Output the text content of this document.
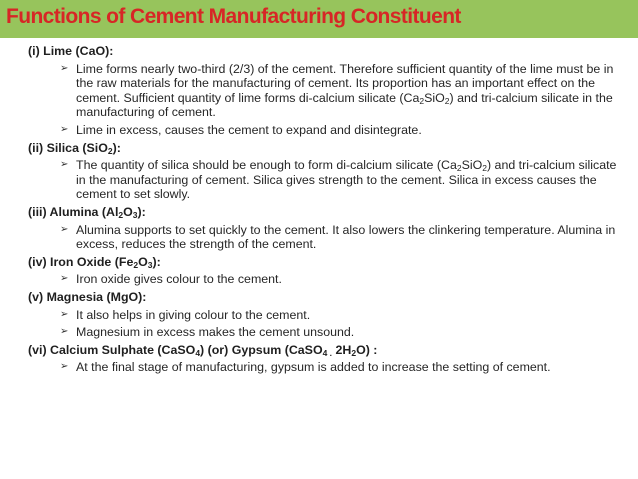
Functions of Cement Manufacturing Constituent
(i) Lime (CaO):
➢ Lime forms nearly two-third (2/3) of the cement. Therefore sufficient quantity of the lime must be in the raw materials for the manufacturing of cement. Its proportion has an important effect on the cement. Sufficient quantity of lime forms di-calcium silicate $(Ca_2SiO_2)$ and tri-calcium silicate in the manufacturing of cement.
➢ Lime in excess, causes the cement to expand and disintegrate.
(ii) Silica (SiO$_2$):
➢ The quantity of silica should be enough to form di-calcium silicate $(Ca_2SiO_2)$ and tri-calcium silicate in the manufacturing of cement. Silica gives strength to the cement. Silica in excess causes the cement to set slowly.
(iii) Alumina $(Al_2O_3)$:
➢ Alumina supports to set quickly to the cement. It also lowers the clinkering temperature. Alumina in excess, reduces the strength of the cement.
(iv) Iron Oxide $(Fe_2O_3)$:
➢ Iron oxide gives colour to the cement.
(v) Magnesia (MgO):
➢ It also helps in giving colour to the cement.
➢ Magnesium in excess makes the cement unsound.
(vi) Calcium Sulphate (CaSO$_4$) (or) Gypsum (CaSO$_{4 .}$ $2H_2O$) :
➢ At the final stage of manufacturing, gypsum is added to increase the setting of cement.
